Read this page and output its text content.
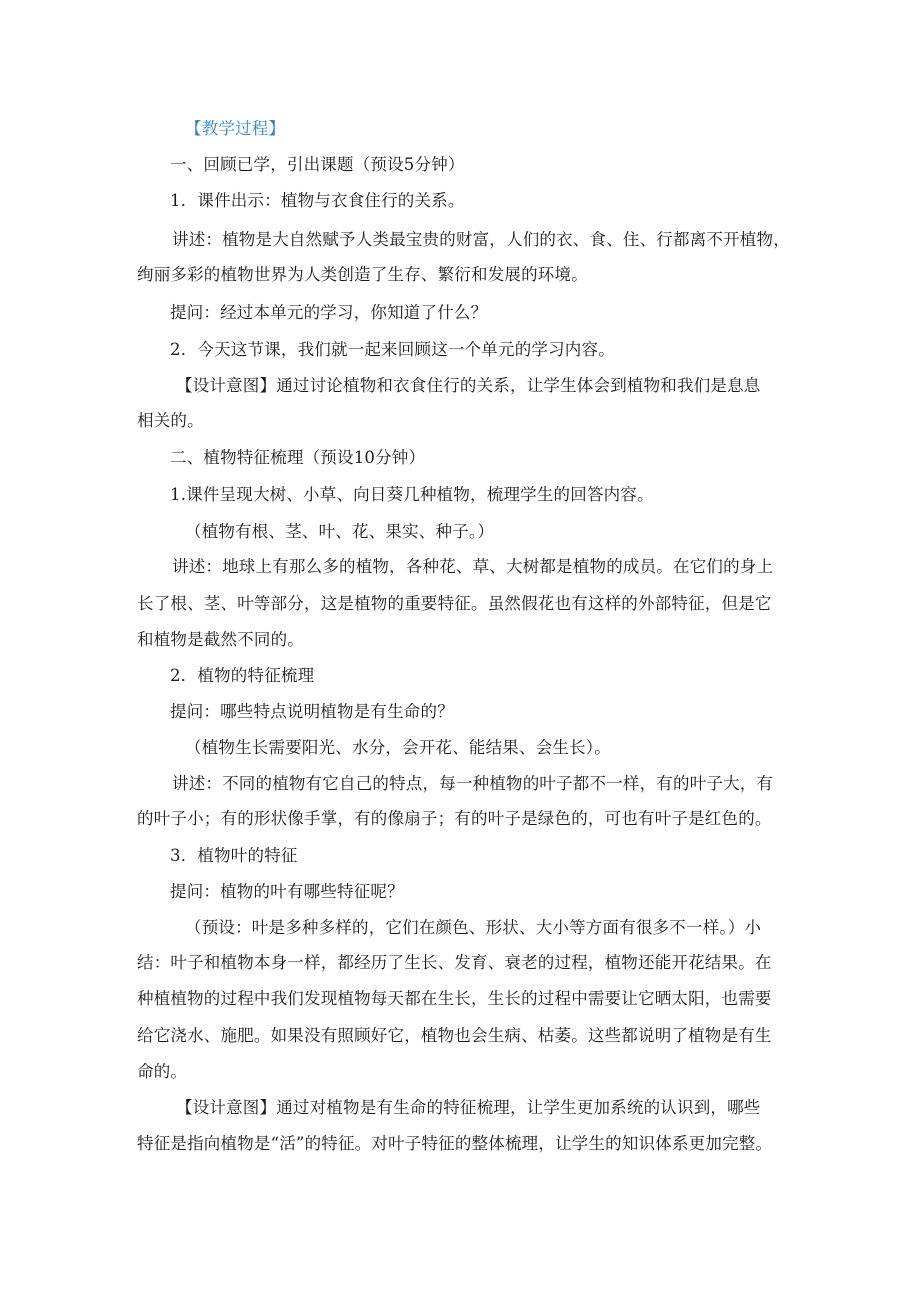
【教学过程】
一、回顾已学，引出课题（预设5分钟）
1．课件出示：植物与衣食住行的关系。
讲述：植物是大自然赋予人类最宝贵的财富，人们的衣、食、住、行都离不开植物，
绚丽多彩的植物世界为人类创造了生存、繁衍和发展的环境。
提问：经过本单元的学习，你知道了什么？
2．今天这节课，我们就一起来回顾这一个单元的学习内容。
【设计意图】通过讨论植物和衣食住行的关系，让学生体会到植物和我们是息息
相关的。
二、植物特征梳理（预设10分钟）
1.课件呈现大树、小草、向日葵几种植物，梳理学生的回答内容。
（植物有根、茎、叶、花、果实、种子。）
讲述：地球上有那么多的植物，各种花、草、大树都是植物的成员。在它们的身上
长了根、茎、叶等部分，这是植物的重要特征。虽然假花也有这样的外部特征，但是它
和植物是截然不同的。
2．植物的特征梳理
提问：哪些特点说明植物是有生命的？
（植物生长需要阳光、水分，会开花、能结果、会生长）。
讲述：不同的植物有它自己的特点，每一种植物的叶子都不一样，有的叶子大，有
的叶子小；有的形状像手掌，有的像扇子；有的叶子是绿色的，可也有叶子是红色的。
3．植物叶的特征
提问：植物的叶有哪些特征呢？
（预设：叶是多种多样的，它们在颜色、形状、大小等方面有很多不一样。）小
结：叶子和植物本身一样，都经历了生长、发育、衰老的过程，植物还能开花结果。在
种植植物的过程中我们发现植物每天都在生长，生长的过程中需要让它晒太阳，也需要
给它浇水、施肥。如果没有照顾好它，植物也会生病、枯萎。这些都说明了植物是有生
命的。
【设计意图】通过对植物是有生命的特征梳理，让学生更加系统的认识到，哪些
特征是指向植物是“活”的特征。对叶子特征的整体梳理，让学生的知识体系更加完整。
